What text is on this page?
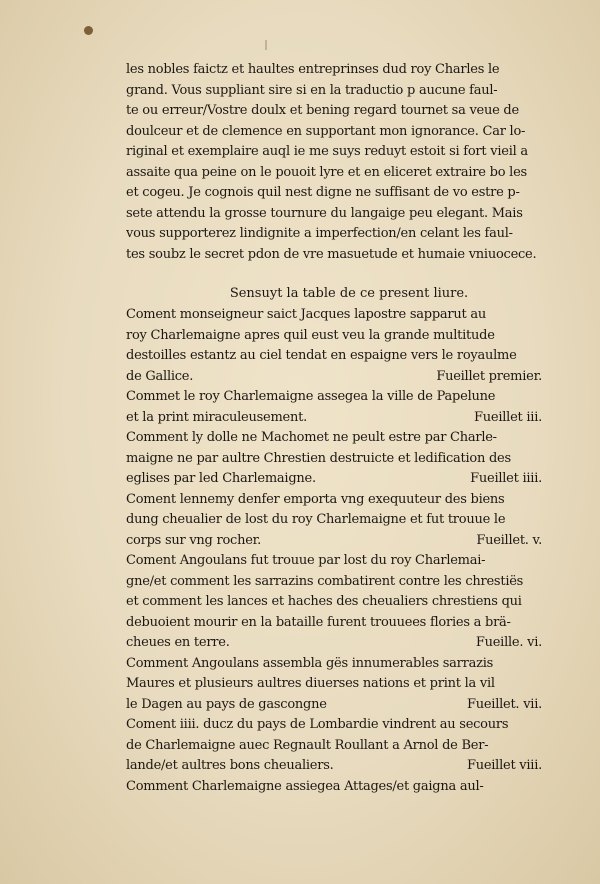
les nobles faictz et haultes entreprinses dud roy Charles le
grand. Vous suppliant sire si en la traductio p aucune faul-
te ou erreur/Vostre doulx et bening regard tournet sa veue de
doulceur et de clemence en supportant mon ignorance. Car lo-
riginal et exemplaire auql ie me suys reduyt estoit si fort vieil a
assaite qua peine on le pouoit lyre et en eliceret extraire bo les
et cogeu. Je cognois quil nest digne ne suffisant de vo estre p-
sete attendu la grosse tournure du langaige peu elegant. Mais
vous supporterez lindignite a imperfection/en celant les faul-
tes soubz le secret pdon de vre masuetude et humaie vniuocece.
Sensuyt la table de ce present liure.
Coment monseigneur saict Jacques lapostre sapparut au
roy Charlemaigne apres quil eust veu la grande multitude
destoilles estantz au ciel tendat en espaigne vers le royaulme
de Gallice.	Fueillet premier.
Commet le roy Charlemaigne assegea la ville de Papelune
et la print miraculeusement.	Fueillet iii.
Comment ly dolle ne Machomet ne peult estre par Charle-
maigne ne par aultre Chrestien destruicte et ledification des
eglises par led Charlemaigne.	Fueillet iiii.
Coment lennemy denfer emporta vng exequuteur des biens
dung cheualier de lost du roy Charlemaigne et fut trouue le
corps sur vng rocher.	Fueillet. v.
Coment Angoulans fut trouue par lost du roy Charlemai-
gne/et comment les sarrazins combatirent contre les chrestiës
et comment les lances et haches des cheualiers chrestiens qui
debuoient mourir en la bataille furent trouuees flories a brä-
cheues en terre.	Fueille. vi.
Comment Angoulans assembla gës innumerables sarrazis
Maures et plusieurs aultres diuerses nations et print la vil
le Dagen au pays de gascongne	Fueillet. vii.
Coment iiii. ducz du pays de Lombardie vindrent au secours
de Charlemaigne auec Regnault Roullant a Arnol de Ber-
lande/et aultres bons cheualiers.	Fueillet viii.
Comment Charlemaigne assiegea Attages/et gaigna aul-
